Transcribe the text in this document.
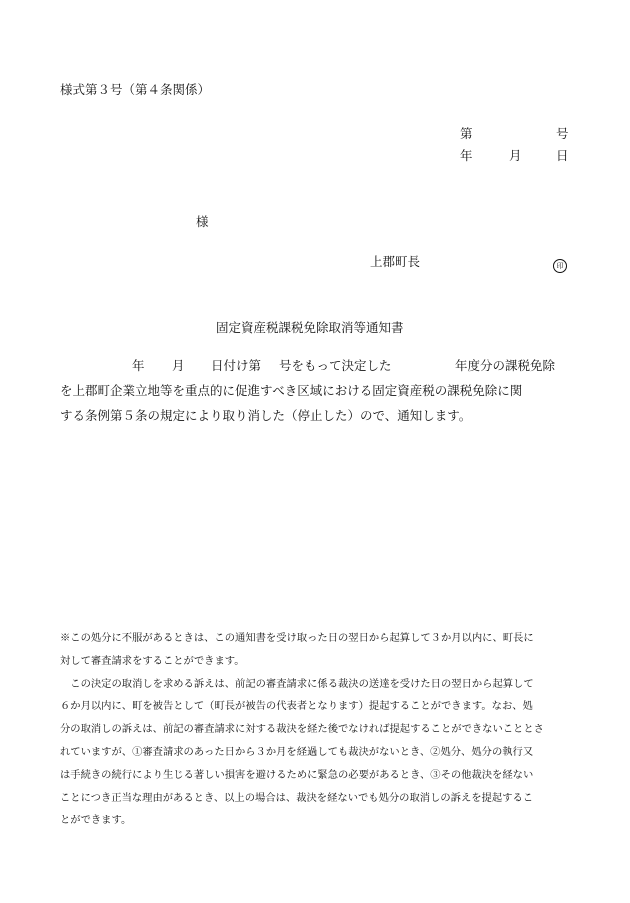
様式第３号（第４条関係）
第	号
年	月	日
様
上郡町長	印
固定資産税課税免除取消等通知書
年 月 日付け第 号をもって決定した	年度分の課税免除

を上郡町企業立地等を重点的に促進すべき区域における固定資産税の課税免除に関
する条例第５条の規定により取り消した（停止した）ので、通知します。
※この処分に不服があるときは、この通知書を受け取った日の翌日から起算して３か月以内に、町長に
対して審査請求をすることができます。
　この決定の取消しを求める訴えは、前記の審査請求に係る裁決の送達を受けた日の翌日から起算して
６か月以内に、町を被告として（町長が被告の代表者となります）提起することができます。なお、処
分の取消しの訴えは、前記の審査請求に対する裁決を経た後でなければ提起することができないこととさ
れていますが、①審査請求のあった日から３か月を経過しても裁決がないとき、②処分、処分の執行又
は手続きの続行により生じる著しい損害を避けるために緊急の必要があるとき、③その他裁決を経ない
ことにつき正当な理由があるとき、以上の場合は、裁決を経ないでも処分の取消しの訴えを提起するこ
とができます。
